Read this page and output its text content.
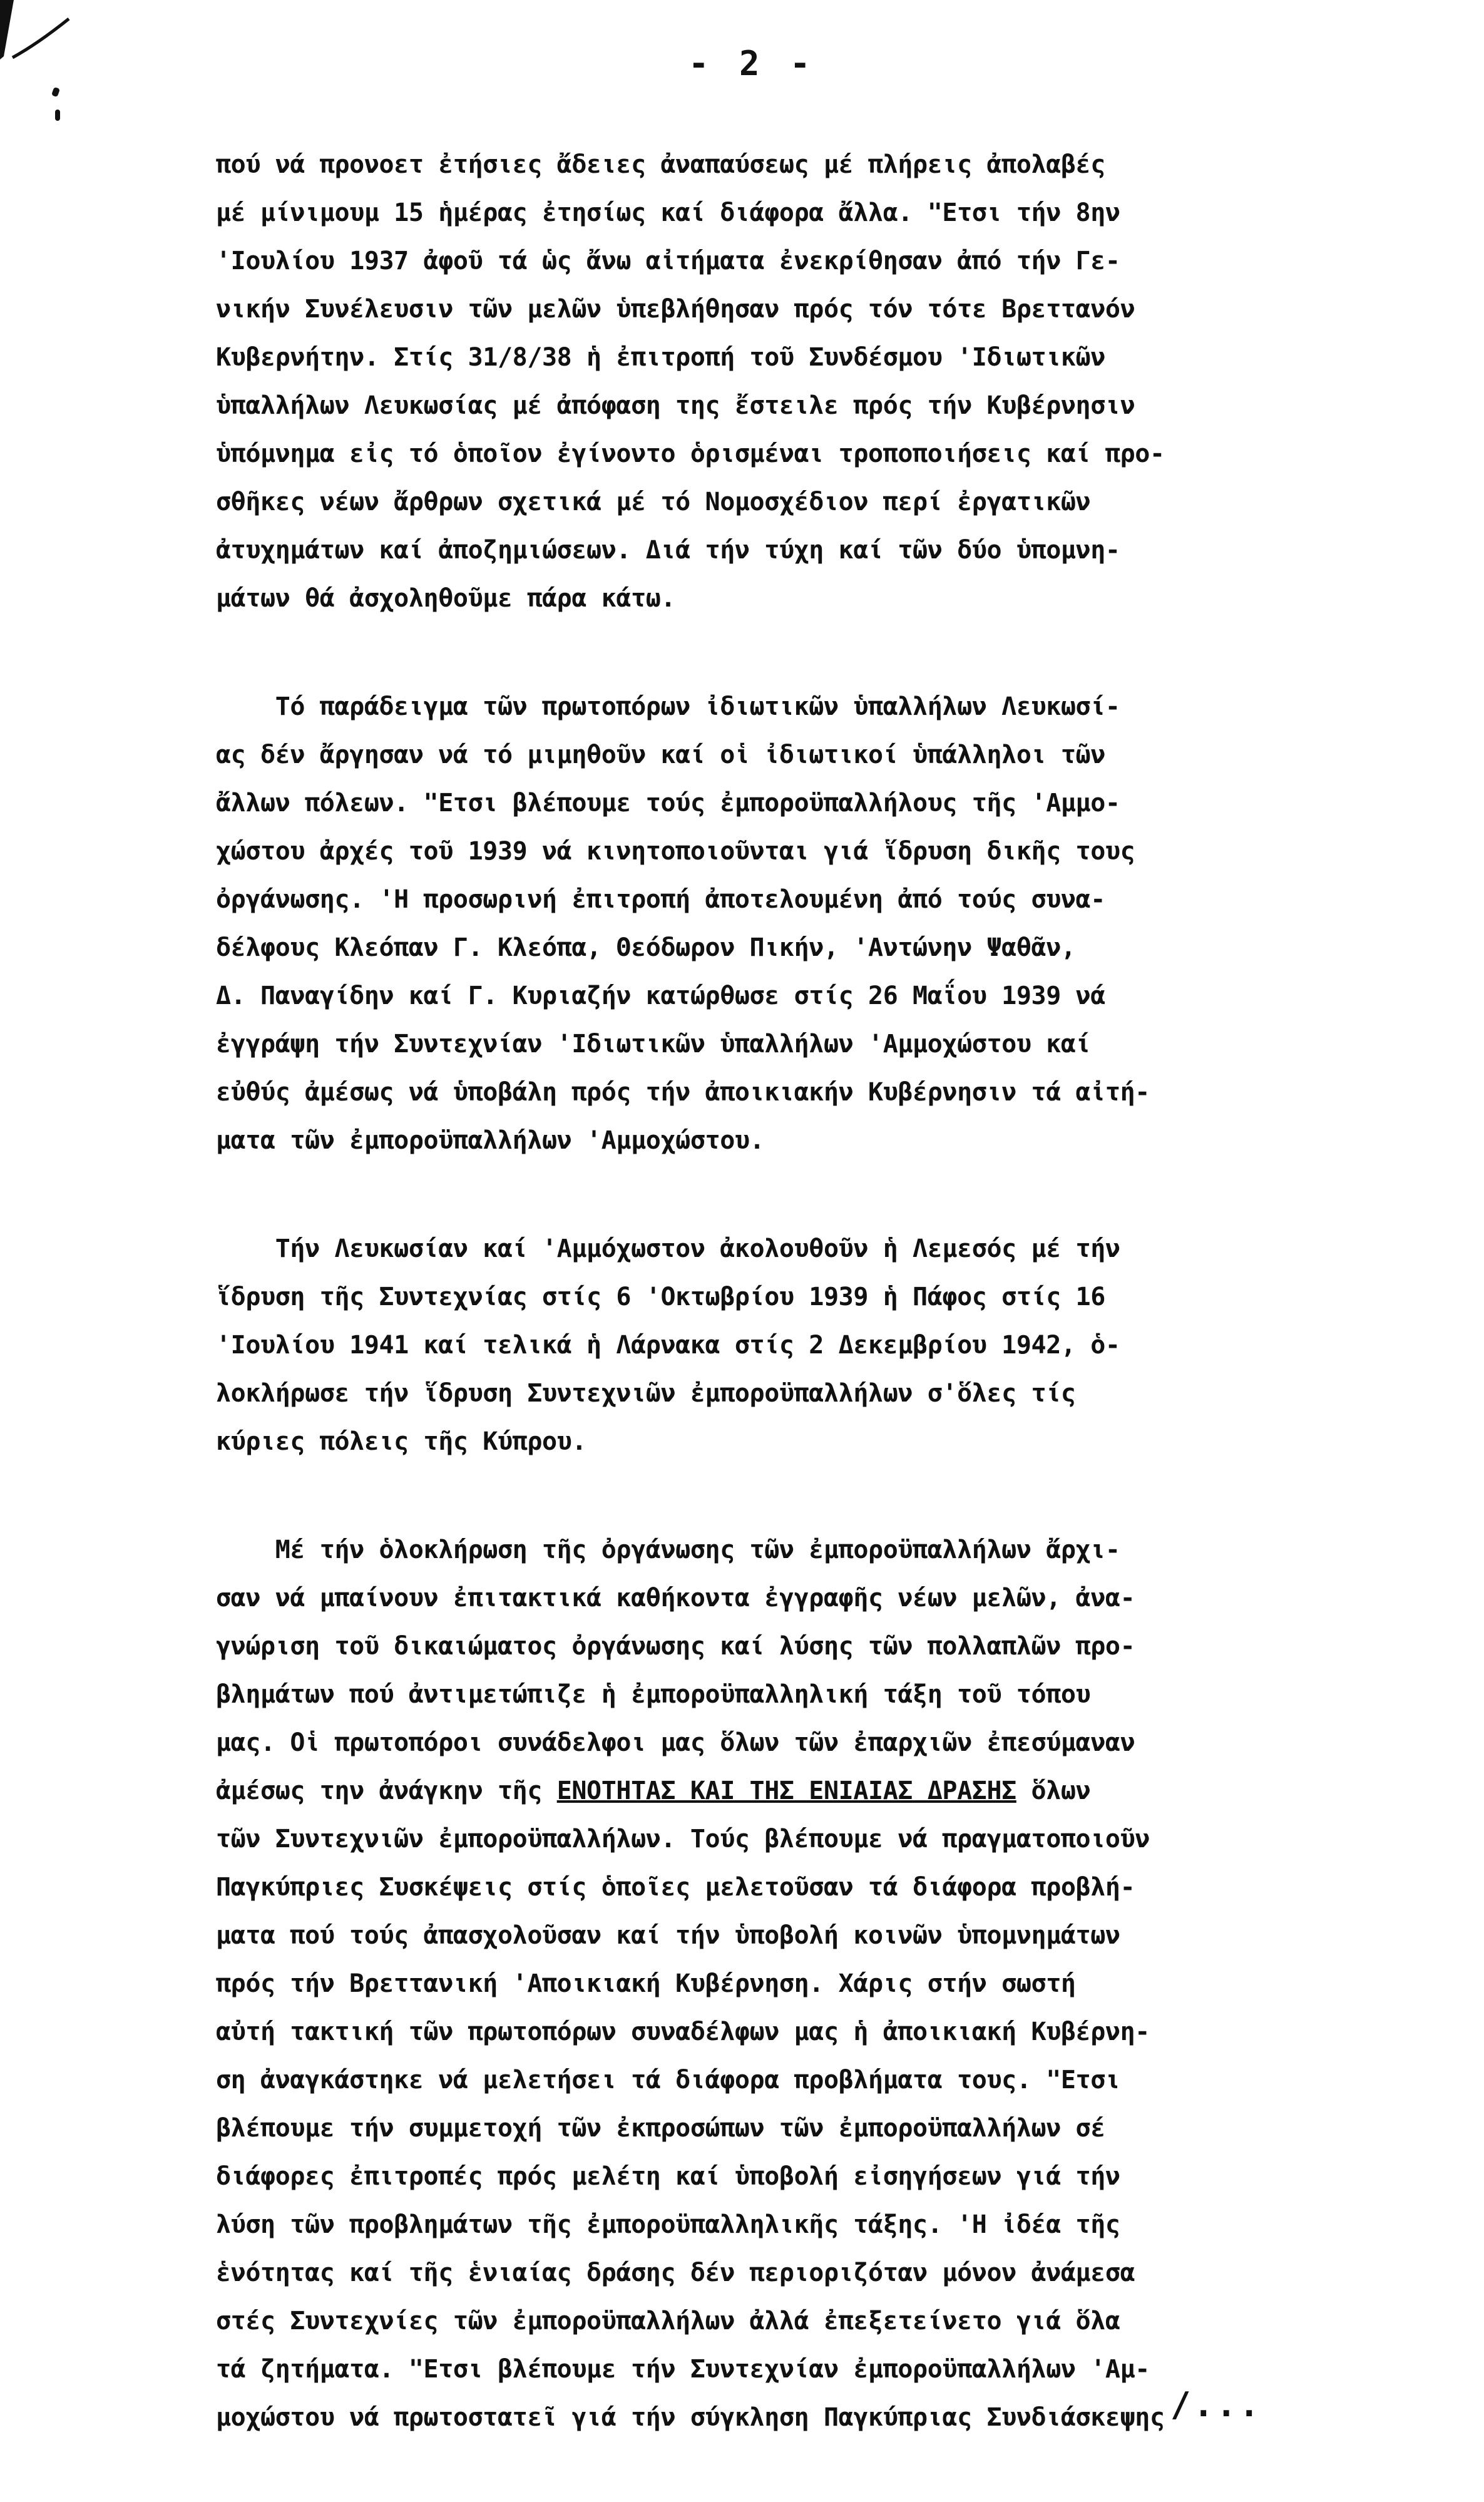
- 2 -
πού νά προνοετ ἐτήσιες ἄδειες ἀναπαύσεως μέ πλήρεις ἀπολαβές
μέ μίνιμουμ 15 ἡμέρας ἐτησίως καί διάφορα ἄλλα. "Ετσι τήν 8ην
'Ιουλίου 1937 ἀφοῦ τά ὡς ἄνω αἰτήματα ἐνεκρίθησαν ἀπό τήν Γε-
νικήν Συνέλευσιν τῶν μελῶν ὑπεβλήθησαν πρός τόν τότε Βρεττανόν
Κυβερνήτην. Στίς 31/8/38 ἡ ἐπιτροπή τοῦ Συνδέσμου 'Ιδιωτικῶν
ὑπαλλήλων Λευκωσίας μέ ἀπόφαση της ἔστειλε πρός τήν Κυβέρνησιν
ὑπόμνημα εἰς τό ὁποῖον ἐγίνοντο ὁρισμέναι τροποποιήσεις καί προ-
σθῆκες νέων ἄρθρων σχετικά μέ τό Νομοσχέδιον περί ἐργατικῶν
ἀτυχημάτων καί ἀποζημιώσεων. Διά τήν τύχη καί τῶν δύο ὑπομνη-
μάτων θά ἀσχοληθοῦμε πάρα κάτω.
Τό παράδειγμα τῶν πρωτοπόρων ἰδιωτικῶν ὑπαλλήλων Λευκωσί-
ας δέν ἄργησαν νά τό μιμηθοῦν καί οἱ ἰδιωτικοί ὑπάλληλοι τῶν
ἄλλων πόλεων. "Ετσι βλέπουμε τούς ἐμποροϋπαλλήλους τῆς 'Αμμο-
χώστου ἀρχές τοῦ 1939 νά κινητοποιοῦνται γιά ἵδρυση δικῆς τους
ὀργάνωσης. 'Η προσωρινή ἐπιτροπή ἀποτελουμένη ἀπό τούς συνα-
δέλφους Κλεόπαν Γ. Κλεόπα, Θεόδωρον Πικήν, 'Αντώνην Ψαθᾶν,
Δ. Παναγίδην καί Γ. Κυριαζήν κατώρθωσε στίς 26 Μαΐου 1939 νά
ἐγγράψη τήν Συντεχνίαν 'Ιδιωτικῶν ὑπαλλήλων 'Αμμοχώστου καί
εὐθύς ἀμέσως νά ὑποβάλη πρός τήν ἀποικιακήν Κυβέρνησιν τά αἰτή-
ματα τῶν ἐμποροϋπαλλήλων 'Αμμοχώστου.
Τήν Λευκωσίαν καί 'Αμμόχωστον ἀκολουθοῦν ἡ Λεμεσός μέ τήν
ἵδρυση τῆς Συντεχνίας στίς 6 'Οκτωβρίου 1939 ἡ Πάφος στίς 16
'Ιουλίου 1941 καί τελικά ἡ Λάρνακα στίς 2 Δεκεμβρίου 1942, ὁ-
λοκλήρωσε τήν ἵδρυση Συντεχνιῶν ἐμποροϋπαλλήλων σ'ὅλες τίς
κύριες πόλεις τῆς Κύπρου.
Μέ τήν ὁλοκλήρωση τῆς ὀργάνωσης τῶν ἐμποροϋπαλλήλων ἄρχι-
σαν νά μπαίνουν ἐπιτακτικά καθήκοντα ἐγγραφῆς νέων μελῶν, ἀνα-
γνώριση τοῦ δικαιώματος ὀργάνωσης καί λύσης τῶν πολλαπλῶν προ-
βλημάτων πού ἀντιμετώπιζε ἡ ἐμποροϋπαλληλική τάξη τοῦ τόπου
μας. Οἱ πρωτοπόροι συνάδελφοι μας ὅλων τῶν ἐπαρχιῶν ἐπεσύμαναν
ἀμέσως την ἀνάγκην τῆς ΕΝΟΤΗΤΑΣ ΚΑΙ ΤΗΣ ΕΝΙΑΙΑΣ ΔΡΑΣΗΣ ὅλων
τῶν Συντεχνιῶν ἐμποροϋπαλλήλων. Τούς βλέπουμε νά πραγματοποιοῦν
Παγκύπριες Συσκέψεις στίς ὁποῖες μελετοῦσαν τά διάφορα προβλή-
ματα πού τούς ἀπασχολοῦσαν καί τήν ὑποβολή κοινῶν ὑπομνημάτων
πρός τήν Βρεττανική 'Αποικιακή Κυβέρνηση. Χάρις στήν σωστή
αὐτή τακτική τῶν πρωτοπόρων συναδέλφων μας ἡ ἀποικιακή Κυβέρνη-
ση ἀναγκάστηκε νά μελετήσει τά διάφορα προβλήματα τους. "Ετσι
βλέπουμε τήν συμμετοχή τῶν ἐκπροσώπων τῶν ἐμποροϋπαλλήλων σέ
διάφορες ἐπιτροπές πρός μελέτη καί ὑποβολή εἰσηγήσεων γιά τήν
λύση τῶν προβλημάτων τῆς ἐμποροϋπαλληλικῆς τάξης. 'Η ἰδέα τῆς
ἑνότητας καί τῆς ἑνιαίας δράσης δέν περιοριζόταν μόνον ἀνάμεσα
στές Συντεχνίες τῶν ἐμποροϋπαλλήλων ἀλλά ἐπεξετείνετο γιά ὅλα
τά ζητήματα. "Ετσι βλέπουμε τήν Συντεχνίαν ἐμποροϋπαλλήλων 'Αμ-
μοχώστου νά πρωτοστατεῖ γιά τήν σύγκληση Παγκύπριας Συνδιάσκεψης /...
